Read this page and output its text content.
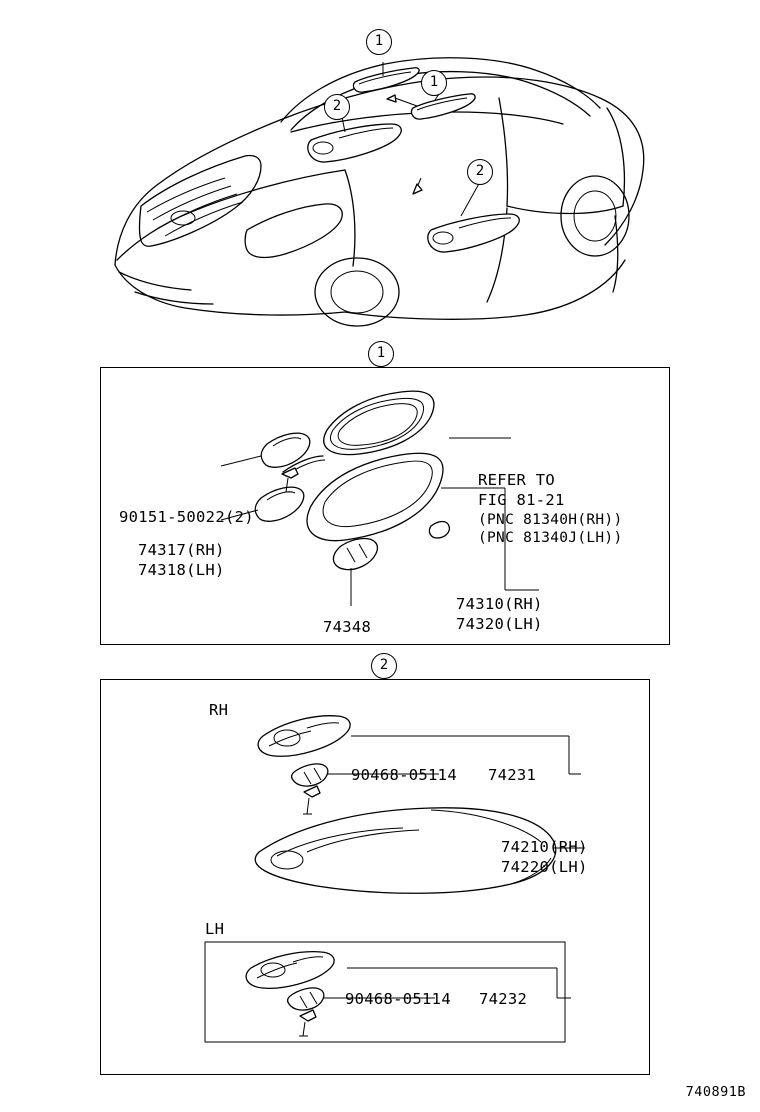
1
1
2
2
1
90151-50022(2)
74317(RH)
74318(LH)
74348
74310(RH)
74320(LH)
REFER TO
FIG 81-21
(PNC 81340H(RH))
(PNC 81340J(LH))
2
RH
LH
90468-05114 74231
74210(RH)
74220(LH)
90468-05114 74232
740891B
